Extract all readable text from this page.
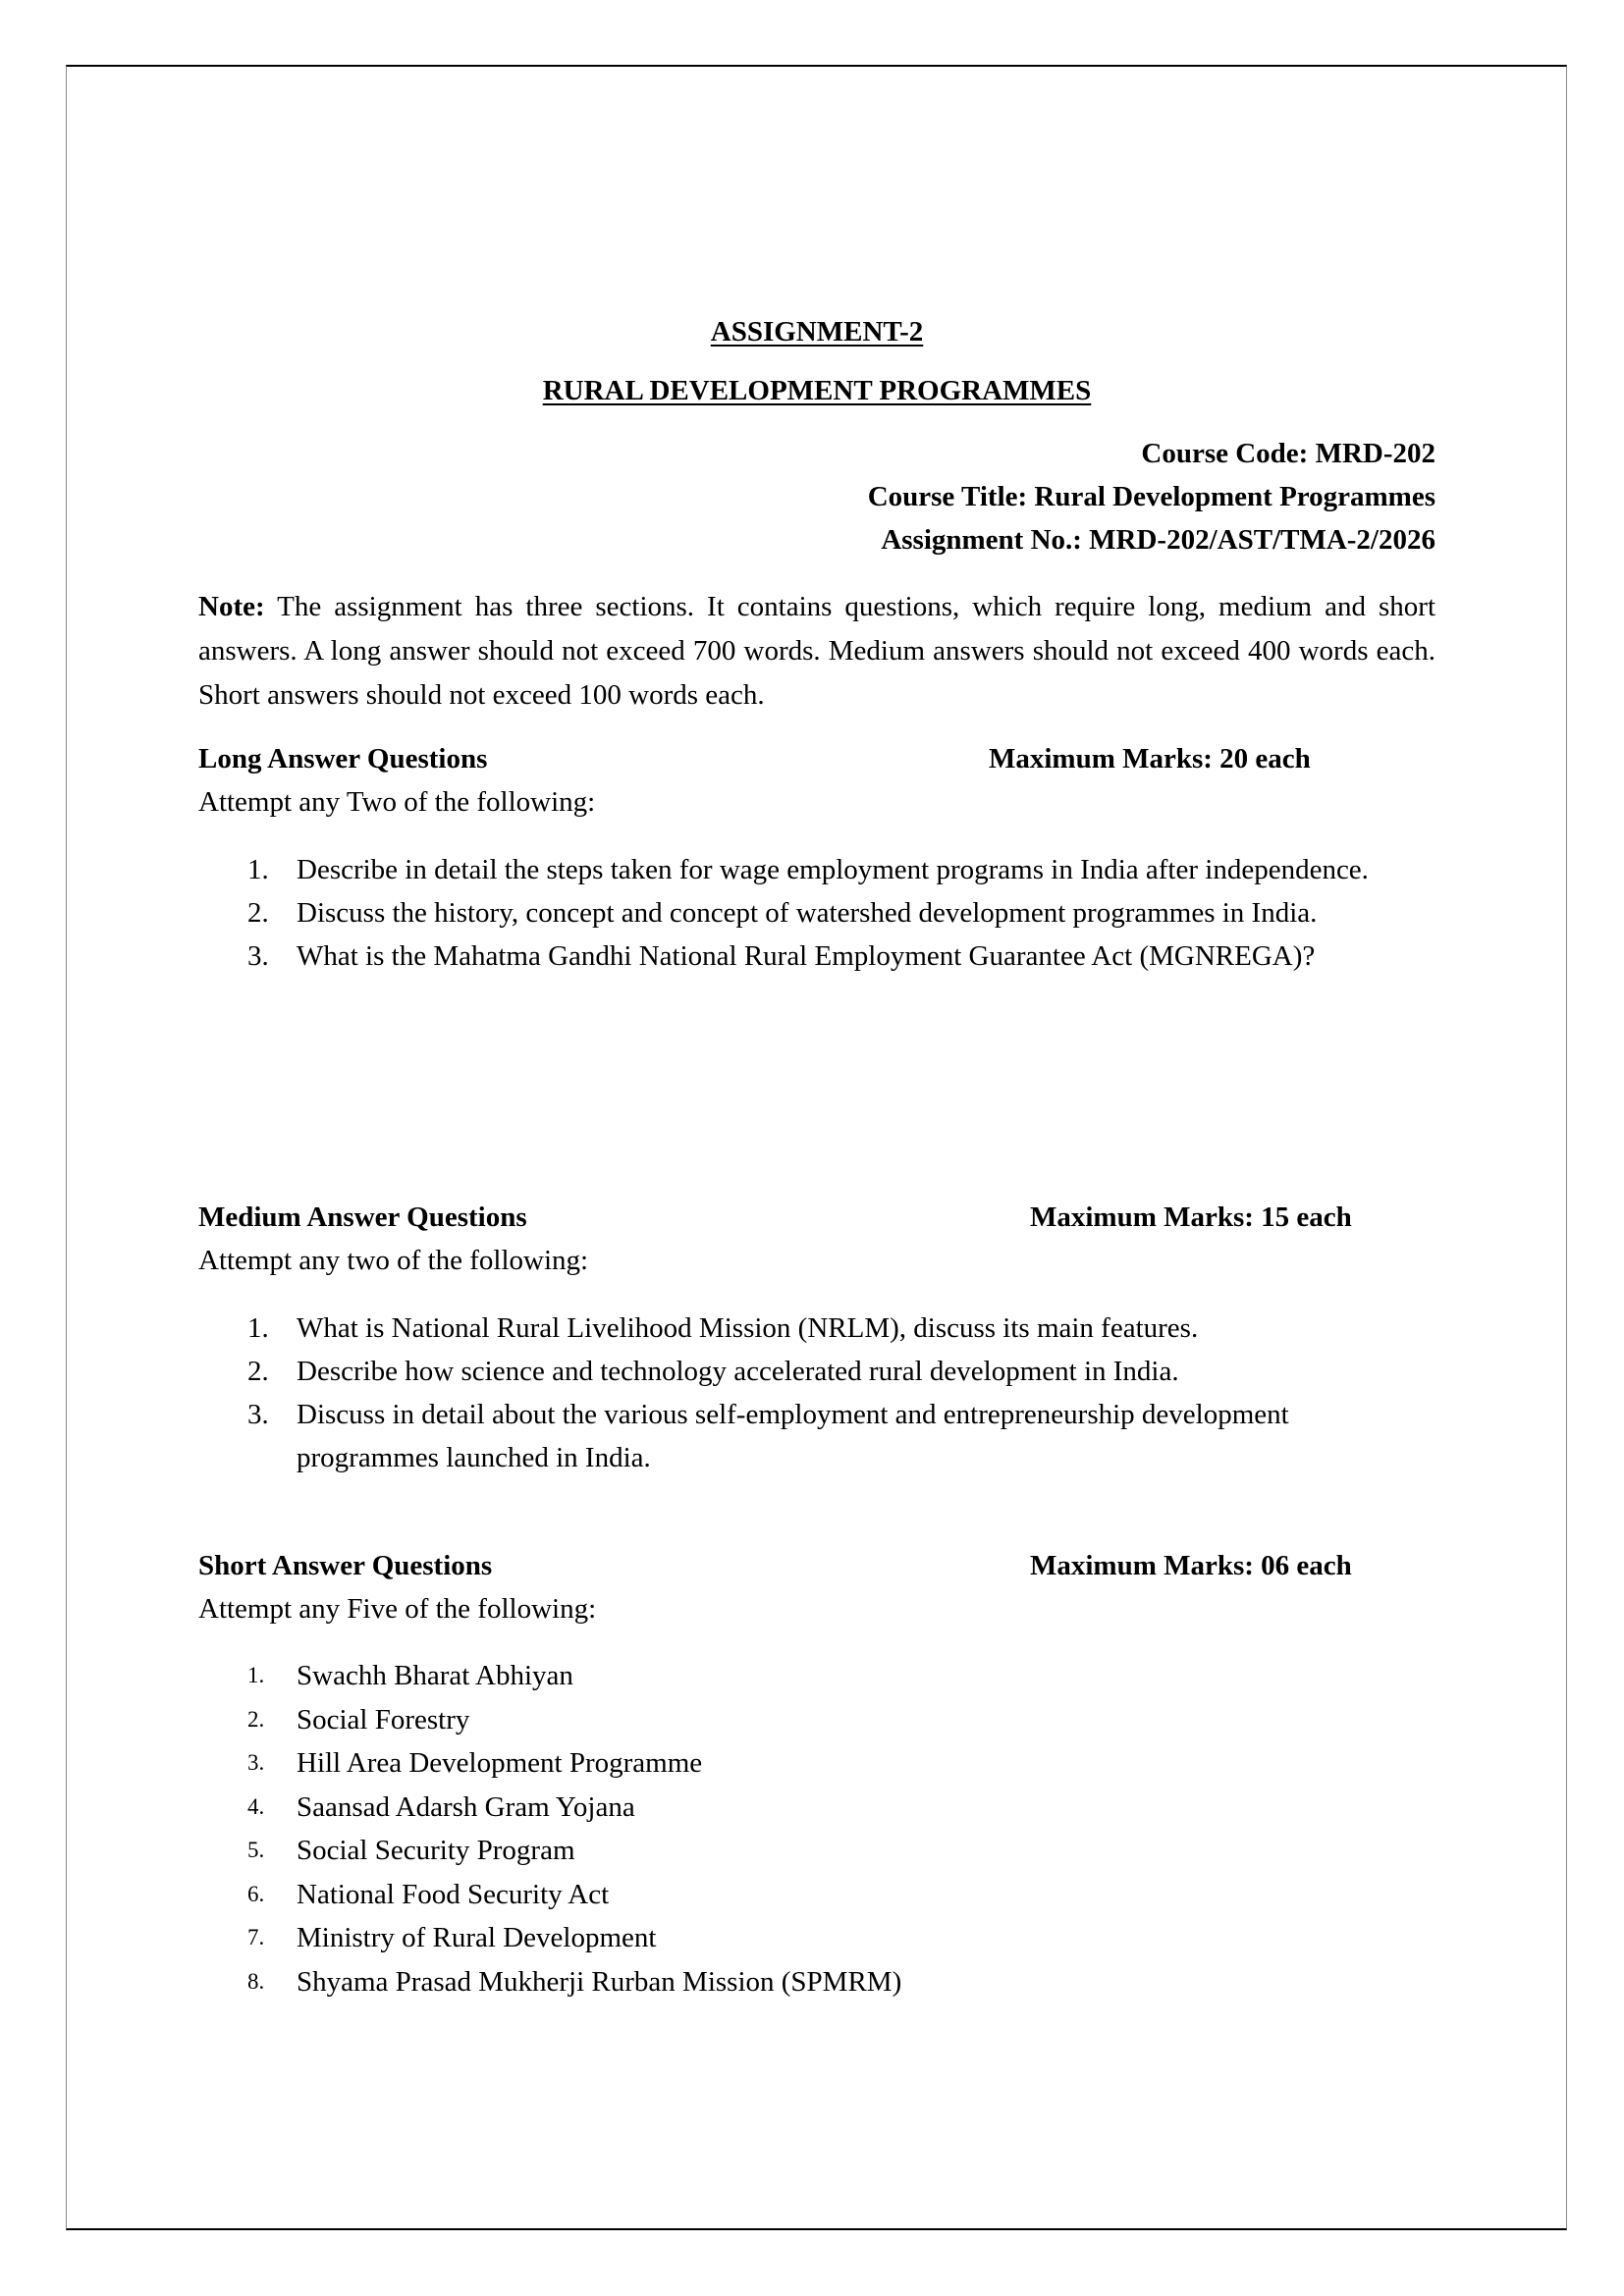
ASSIGNMENT-2
RURAL DEVELOPMENT PROGRAMMES
Course Code: MRD-202
Course Title: Rural Development Programmes
Assignment No.: MRD-202/AST/TMA-2/2026
Note: The assignment has three sections. It contains questions, which require long, medium and short answers. A long answer should not exceed 700 words. Medium answers should not exceed 400 words each. Short answers should not exceed 100 words each.
Long Answer Questions	Maximum Marks: 20 each
Attempt any Two of the following:
1. Describe in detail the steps taken for wage employment programs in India after independence.
2. Discuss the history, concept and concept of watershed development programmes in India.
3. What is the Mahatma Gandhi National Rural Employment Guarantee Act (MGNREGA)?
Medium Answer Questions	Maximum Marks: 15 each
Attempt any two of the following:
1. What is National Rural Livelihood Mission (NRLM), discuss its main features.
2. Describe how science and technology accelerated rural development in India.
3. Discuss in detail about the various self-employment and entrepreneurship development programmes launched in India.
Short Answer Questions	Maximum Marks: 06 each
Attempt any Five of the following:
1. Swachh Bharat Abhiyan
2. Social Forestry
3. Hill Area Development Programme
4. Saansad Adarsh Gram Yojana
5. Social Security Program
6. National Food Security Act
7. Ministry of Rural Development
8. Shyama Prasad Mukherji Rurban Mission (SPMRM)
